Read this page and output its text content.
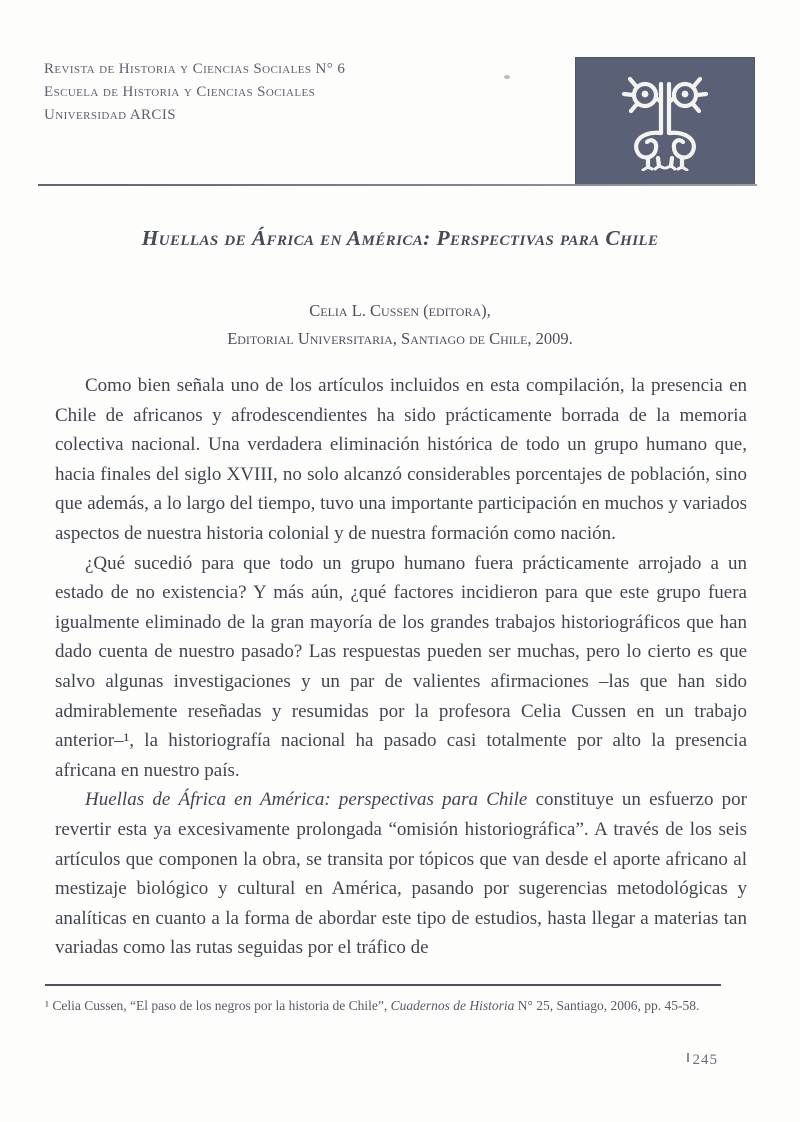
Revista de Historia y Ciencias Sociales N° 6
Escuela de Historia y Ciencias Sociales
Universidad ARCIS
Huellas de África en América: Perspectivas para Chile
Celia L. Cussen (editora),
Editorial Universitaria, Santiago de Chile, 2009.

Como bien señala uno de los artículos incluidos en esta compilación, la presencia en Chile de africanos y afrodescendientes ha sido prácticamente borrada de la memoria colectiva nacional. Una verdadera eliminación histórica de todo un grupo humano que, hacia finales del siglo XVIII, no solo alcanzó considerables porcentajes de población, sino que además, a lo largo del tiempo, tuvo una importante participación en muchos y variados aspectos de nuestra historia colonial y de nuestra formación como nación.

¿Qué sucedió para que todo un grupo humano fuera prácticamente arrojado a un estado de no existencia? Y más aún, ¿qué factores incidieron para que este grupo fuera igualmente eliminado de la gran mayoría de los grandes trabajos historiográficos que han dado cuenta de nuestro pasado? Las respuestas pueden ser muchas, pero lo cierto es que salvo algunas investigaciones y un par de valientes afirmaciones –las que han sido admirablemente reseñadas y resumidas por la profesora Celia Cussen en un trabajo anterior–¹, la historiografía nacional ha pasado casi totalmente por alto la presencia africana en nuestro país.

Huellas de África en América: perspectivas para Chile constituye un esfuerzo por revertir esta ya excesivamente prolongada “omisión historiográfica”. A través de los seis artículos que componen la obra, se transita por tópicos que van desde el aporte africano al mestizaje biológico y cultural en América, pasando por sugerencias metodológicas y analíticas en cuanto a la forma de abordar este tipo de estudios, hasta llegar a materias tan variadas como las rutas seguidas por el tráfico de

¹ Celia Cussen, “El paso de los negros por la historia de Chile”, Cuadernos de Historia N° 25, Santiago, 2006, pp. 45-58.
245
